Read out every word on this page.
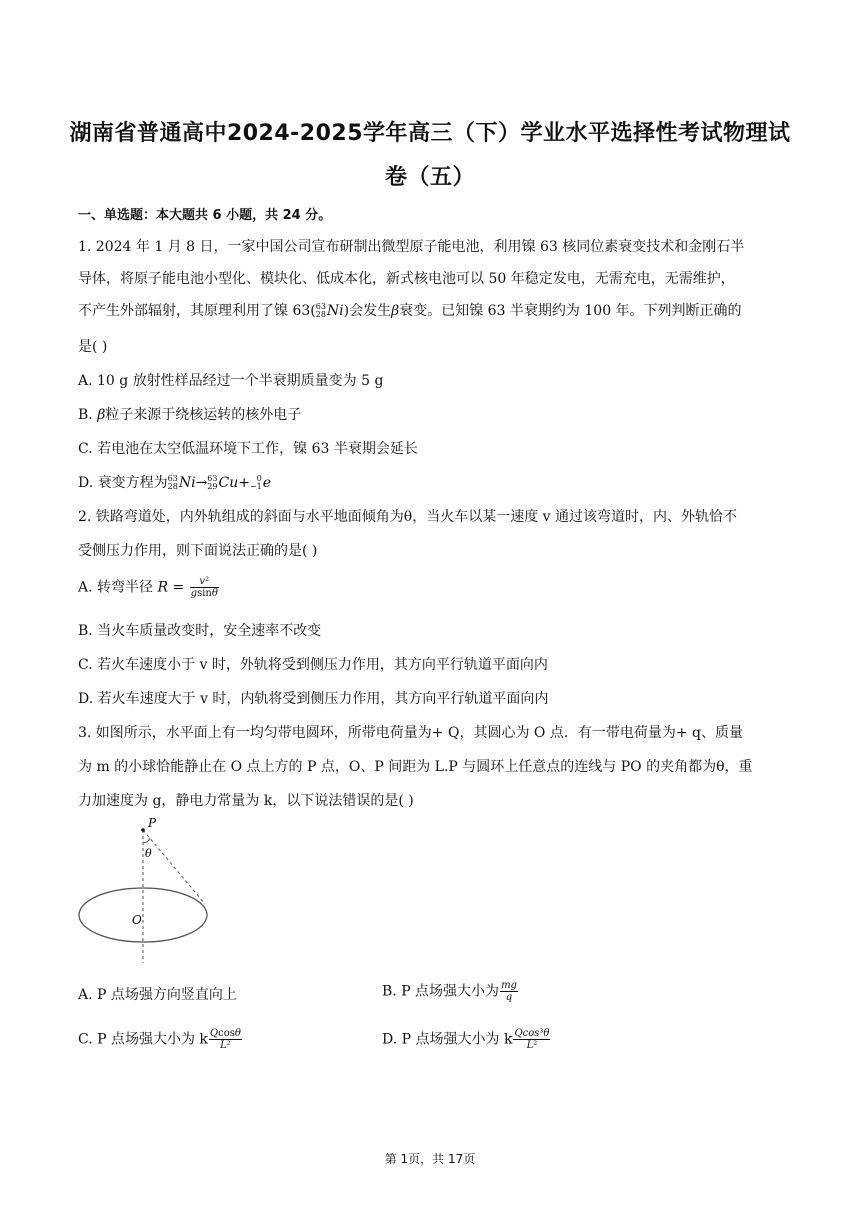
湖南省普通高中2024-2025学年高三（下）学业水平选择性考试物理试
卷（五）
一、单选题：本大题共 6 小题，共 24 分。
1. 2024 年 1 月 8 日，一家中国公司宣布研制出微型原子能电池，利用镍 63 核同位素衰变技术和金刚石半
导体，将原子能电池小型化、模块化、低成本化，新式核电池可以 50 年稳定发电，无需充电，无需维护，
不产生外部辐射，其原理利用了镍 63( 63
28 Ni)会发生β衰变。已知镍 63 半衰期约为 100 年。下列判断正确的
是( )
A. 10 g 放射性样品经过一个半衰期质量变为 5 g
B. β粒子来源于绕核运转的核外电子
C. 若电池在太空低温环境下工作，镍 63 半衰期会延长
D. 衰变方程为 63
28 Ni→ 63
29 Cu+ 0
−1 e
2. 铁路弯道处，内外轨组成的斜面与水平地面倾角为θ，当火车以某一速度 v 通过该弯道时，内、外轨恰不
受侧压力作用，则下面说法正确的是( )
A. 转弯半径 $R = \frac{\text{v²}}{gsin\theta}$
B. 当火车质量改变时，安全速率不改变
C. 若火车速度小于 v 时，外轨将受到侧压力作用，其方向平行轨道平面向内
D. 若火车速度大于 v 时，内轨将受到侧压力作用，其方向平行轨道平面向内
3. 如图所示，水平面上有一均匀带电圆环，所带电荷量为+ Q，其圆心为 O 点．有一带电荷量为+ q、质量
为 m 的小球恰能静止在 O 点上方的 P 点，O、P 间距为 L.P 与圆环上任意点的连线与 PO 的夹角都为θ，重
力加速度为 g，静电力常量为 k，以下说法错误的是( )
P
θ
O
A. P 点场强方向竖直向上	B. P 点场强大小为 $\frac{mg}{q}$
C. P 点场强大小为 k $\frac{Qcos\theta}{\text{L²}}$	D. P 点场强大小为 k $\frac{\text{Qcos³θ}}{\text{L²}}$
第 1页，共 17页
